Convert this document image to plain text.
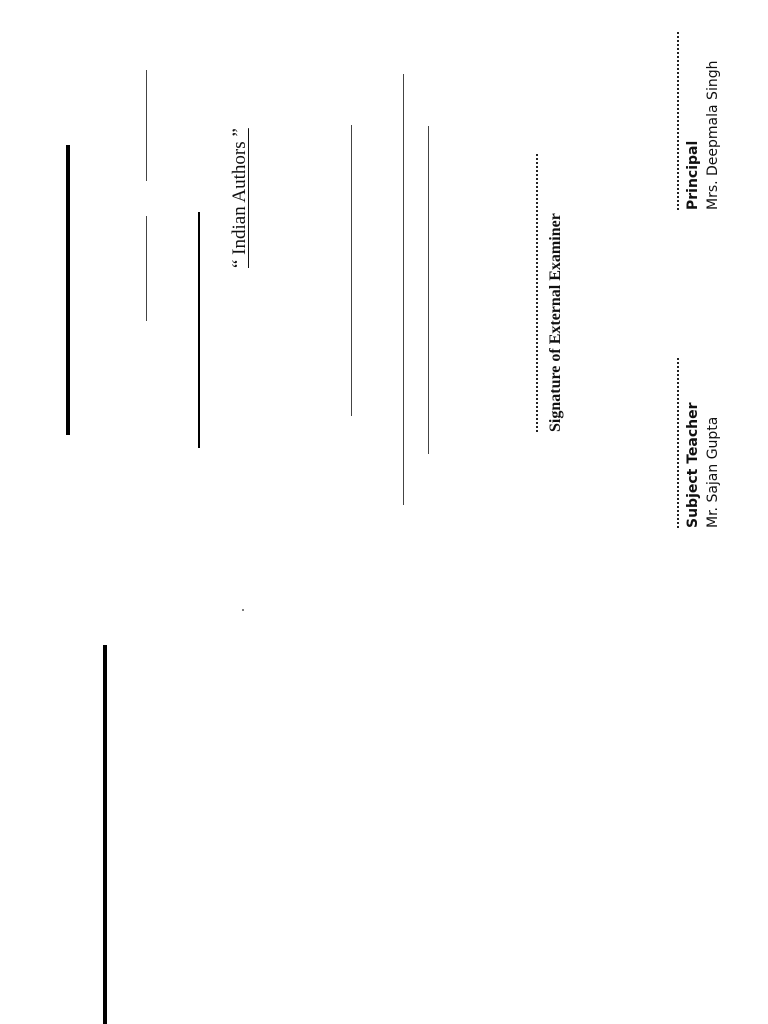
“ Indian Authors ”
Signature of External Examiner
Subject Teacher Mr. Sajan Gupta
Principal Mrs. Deepmala Singh
